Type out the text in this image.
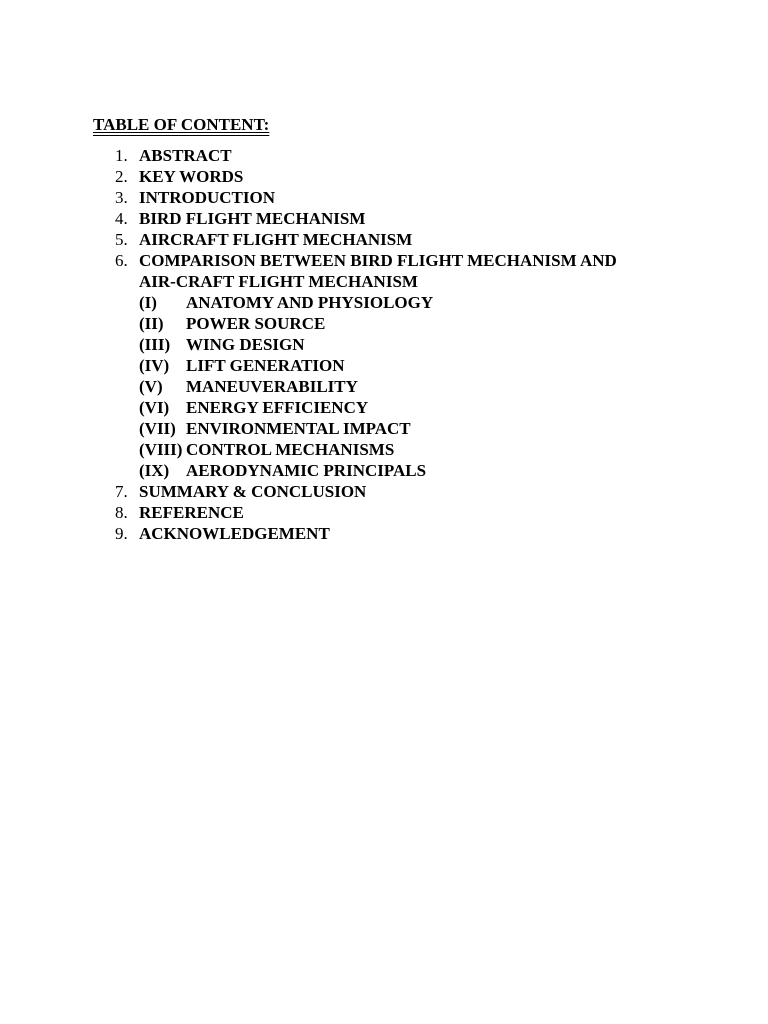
TABLE OF CONTENT:
1. ABSTRACT
2. KEY WORDS
3. INTRODUCTION
4. BIRD FLIGHT MECHANISM
5. AIRCRAFT FLIGHT MECHANISM
6. COMPARISON BETWEEN BIRD FLIGHT MECHANISM AND
AIR-CRAFT FLIGHT MECHANISM
(I) ANATOMY AND PHYSIOLOGY
(II) POWER SOURCE
(III) WING DESIGN
(IV) LIFT GENERATION
(V) MANEUVERABILITY
(VI) ENERGY EFFICIENCY
(VII) ENVIRONMENTAL IMPACT
(VIII) CONTROL MECHANISMS
(IX) AERODYNAMIC PRINCIPALS
7. SUMMARY & CONCLUSION
8. REFERENCE
9. ACKNOWLEDGEMENT
